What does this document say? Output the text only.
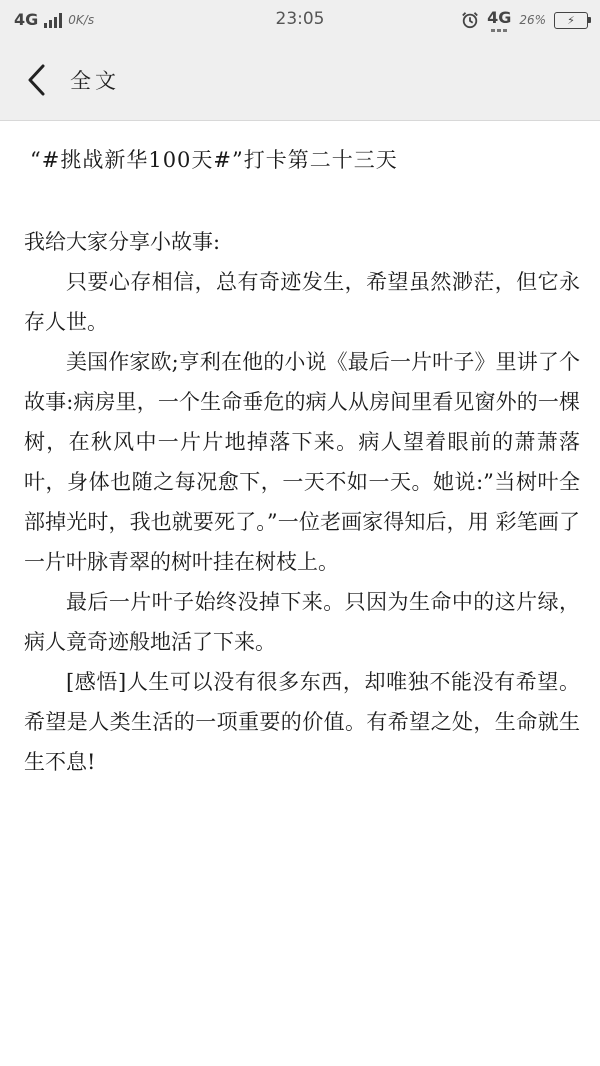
4G	0K/s	23:05	4G 26%	⚡
全文

“#挑战新华100天#”打卡第二十三天

我给大家分享小故事:

只要心存相信，总有奇迹发生，希望虽然渺茫，但它永存人世。

美国作家欧;亨利在他的小说《最后一片叶子》里讲了个故事:病房里，一个生命垂危的病人从房间里看见窗外的一棵树，在秋风中一片片地掉落下来。病人望着眼前的萧萧落叶，身体也随之每况愈下，一天不如一天。她说:”当树叶全部掉光时，我也就要死了。”一位老画家得知后，用 彩笔画了一片叶脉青翠的树叶挂在树枝上。

最后一片叶子始终没掉下来。只因为生命中的这片绿，病人竟奇迹般地活了下来。

[感悟]人生可以没有很多东西，却唯独不能没有希望。希望是人类生活的一项重要的价值。有希望之处，生命就生生不息!
